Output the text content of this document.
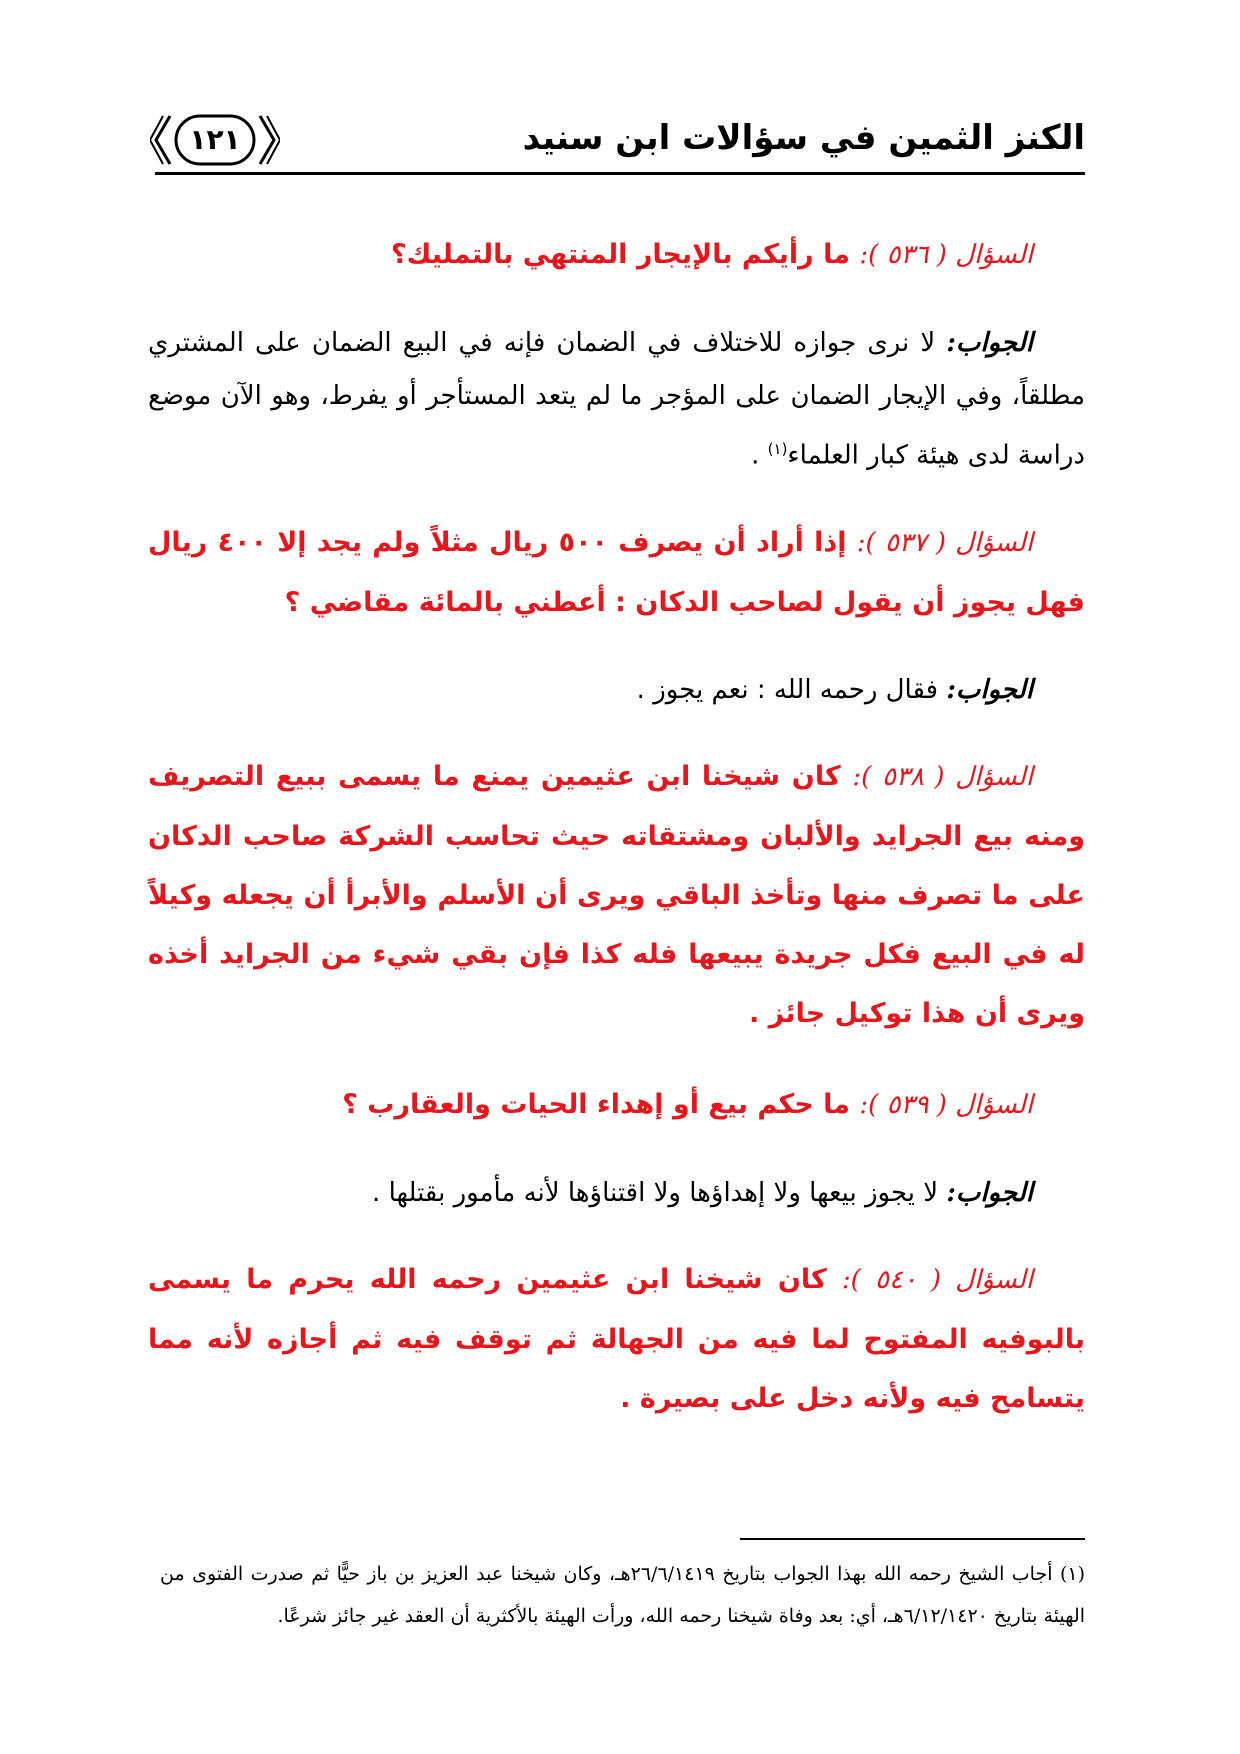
الكنز الثمين في سؤالات ابن سنيد
١٢١

السؤال ( ٥٣٦ ): ما رأيكم بالإيجار المنتهي بالتمليك؟

الجواب: لا نرى جوازه للاختلاف في الضمان فإنه في البيع الضمان على المشتري مطلقاً، وفي الإيجار الضمان على المؤجر ما لم يتعد المستأجر أو يفرط، وهو الآن موضع دراسة لدى هيئة كبار العلماء$^{(١)}$ .

السؤال ( ٥٣٧ ): إذا أراد أن يصرف ٥٠٠ ريال مثلاً ولم يجد إلا ٤٠٠ ريال فهل يجوز أن يقول لصاحب الدكان : أعطني بالمائة مقاضي ؟

الجواب: فقال رحمه الله : نعم يجوز .

السؤال ( ٥٣٨ ): كان شيخنا ابن عثيمين يمنع ما يسمى ببيع التصريف ومنه بيع الجرايد والألبان ومشتقاته حيث تحاسب الشركة صاحب الدكان على ما تصرف منها وتأخذ الباقي ويرى أن الأسلم والأبرأ أن يجعله وكيلاً له في البيع فكل جريدة يبيعها فله كذا فإن بقي شيء من الجرايد أخذه ويرى أن هذا توكيل جائز .

السؤال ( ٥٣٩ ): ما حكم بيع أو إهداء الحيات والعقارب ؟

الجواب: لا يجوز بيعها ولا إهداؤها ولا اقتناؤها لأنه مأمور بقتلها .

السؤال ( ٥٤٠ ): كان شيخنا ابن عثيمين رحمه الله يحرم ما يسمى بالبوفيه المفتوح لما فيه من الجهالة ثم توقف فيه ثم أجازه لأنه مما يتسامح فيه ولأنه دخل على بصيرة .

(١) أجاب الشيخ رحمه الله بهذا الجواب بتاريخ ٢٦/٦/١٤١٩هـ، وكان شيخنا عبد العزيز بن باز حيًّا ثم صدرت الفتوى من الهيئة بتاريخ ٦/١٢/١٤٢٠هـ، أي: بعد وفاة شيخنا رحمه الله، ورأت الهيئة بالأكثرية أن العقد غير جائز شرعًا.
